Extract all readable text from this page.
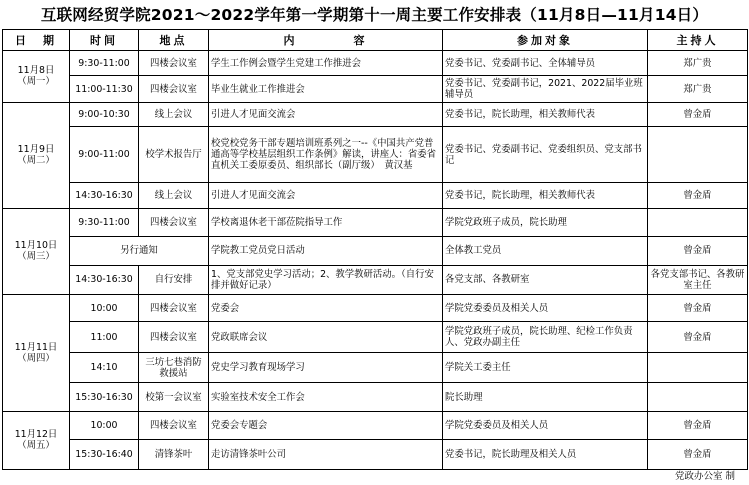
互联网经贸学院2021～2022学年第一学期第十一周主要工作安排表（11月8日—11月14日）
日　期	时间	地点	内　　　　容	参加对象	主持人

11月8日
（周一）	9:30-11:00	四楼会议室	学生工作例会暨学生党建工作推进会	党委书记、党委副书记、全体辅导员	郑广贵
	11:00-11:30	四楼会议室	毕业生就业工作推进会	党委书记、党委副书记，2021、2022届毕业班辅导员	郑广贵

11月9日
（周二）	9:00-10:30	线上会议	引进人才见面交流会	党委书记，院长助理，相关教师代表	曾金盾
	9:00-11:00	校学术报告厅	校党校党务干部专题培训班系列之一--《中国共产党普通高等学校基层组织工作条例》解读，讲座人：省委省直机关工委原委员、组织部长（副厅级）　黄汉基	党委书记、党委副书记、党委组织员、党支部书记	
	14:30-16:30	线上会议	引进人才见面交流会	党委书记，院长助理，相关教师代表	曾金盾

11月10日
（周三）	9:30-11:00	四楼会议室	学校离退休老干部莅院指导工作	学院党政班子成员，院长助理	
	另行通知		学院教工党员党日活动	全体教工党员	曾金盾
	14:30-16:30	自行安排	1、党支部党史学习活动；2、教学教研活动。（自行安排并做好记录）	各党支部、各教研室	各党支部书记、各教研室主任

11月11日
（周四）	10:00	四楼会议室	党委会	学院党委委员及相关人员	曾金盾
	11:00	四楼会议室	党政联席会议	学院党政班子成员，院长助理、纪检工作负责人、党政办副主任	曾金盾
	14:10	三坊七巷消防救援站	党史学习教育现场学习	学院关工委主任	
	15:30-16:30	校第一会议室	实验室技术安全工作会	院长助理	

11月12日
（周五）	10:00	四楼会议室	党委会专题会	学院党委委员及相关人员	曾金盾
	15:30-16:40	清锋茶叶	走访清锋茶叶公司	党委书记，院长助理及相关人员	曾金盾
党政办公室 制
